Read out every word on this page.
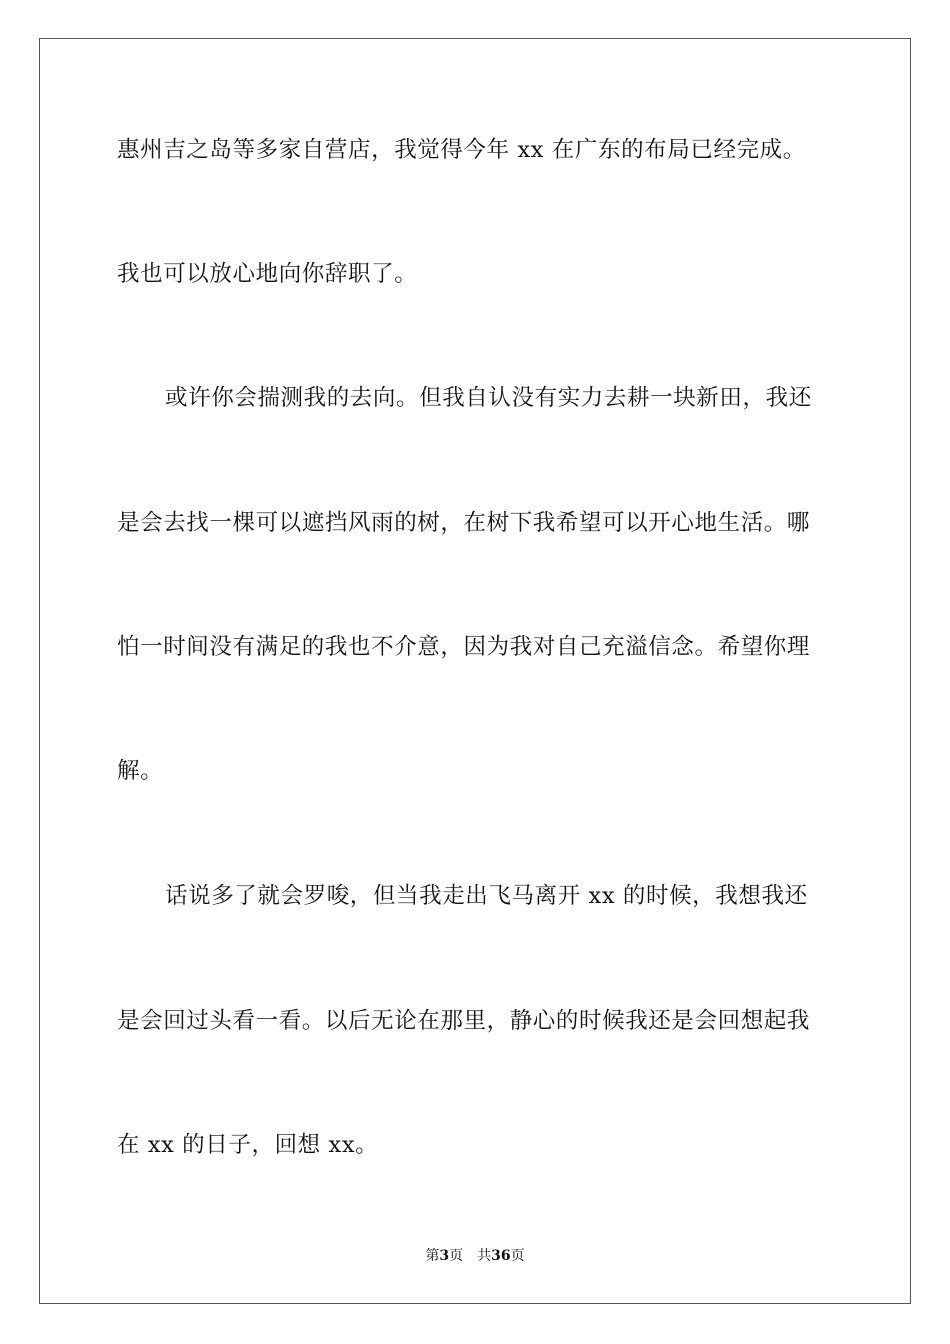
惠州吉之岛等多家自营店，我觉得今年 xx 在广东的布局已经完成。
我也可以放心地向你辞职了。
或许你会揣测我的去向。但我自认没有实力去耕一块新田，我还
是会去找一棵可以遮挡风雨的树，在树下我希望可以开心地生活。哪
怕一时间没有满足的我也不介意，因为我对自己充溢信念。希望你理
解。
话说多了就会罗唆，但当我走出飞马离开 xx 的时候，我想我还
是会回过头看一看。以后无论在那里，静心的时候我还是会回想起我
在 xx 的日子，回想 xx。
第3页 共36页
